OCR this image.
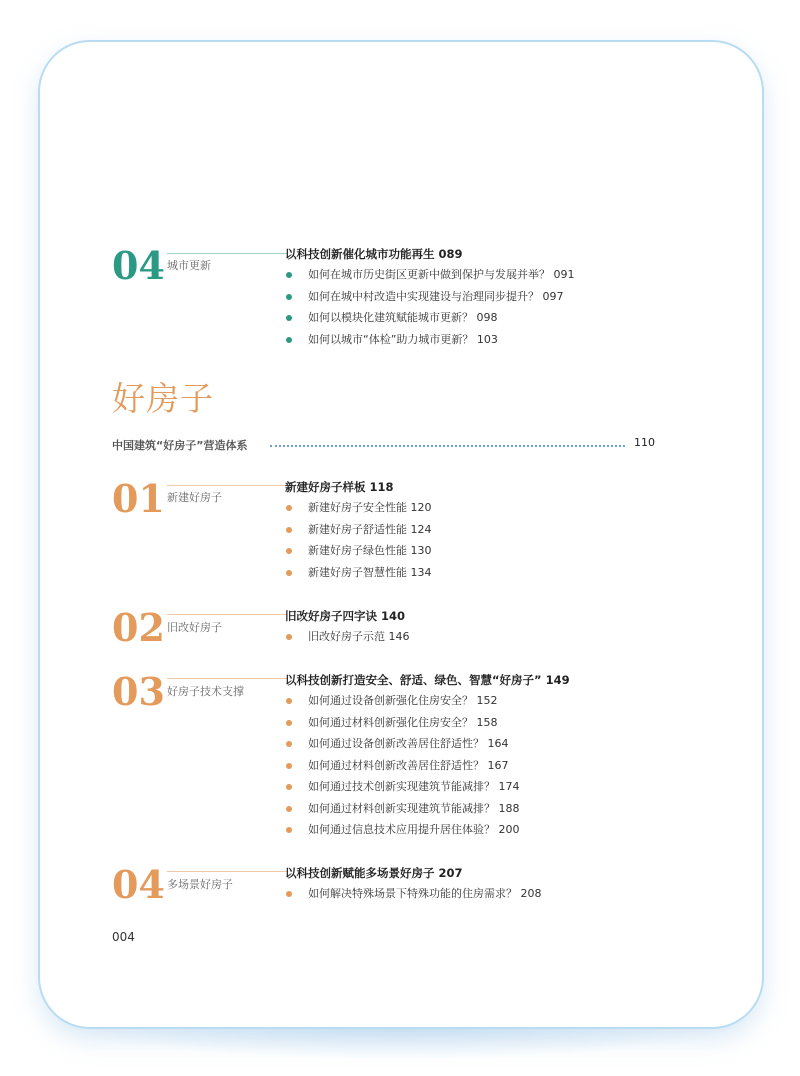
04 城市更新
以科技创新催化城市功能再生 089
如何在城市历史街区更新中做到保护与发展并举？ 091
如何在城中村改造中实现建设与治理同步提升？ 097
如何以模块化建筑赋能城市更新？ 098
如何以城市“体检”助力城市更新？ 103
好房子
中国建筑“好房子”营造体系	110
01 新建好房子
新建好房子样板 118
新建好房子安全性能 120
新建好房子舒适性能 124
新建好房子绿色性能 130
新建好房子智慧性能 134
02 旧改好房子
旧改好房子四字诀 140
旧改好房子示范 146
03 好房子技术支撑
以科技创新打造安全、舒适、绿色、智慧“好房子” 149
如何通过设备创新强化住房安全？ 152
如何通过材料创新强化住房安全？ 158
如何通过设备创新改善居住舒适性？ 164
如何通过材料创新改善居住舒适性？ 167
如何通过技术创新实现建筑节能减排？ 174
如何通过材料创新实现建筑节能减排？ 188
如何通过信息技术应用提升居住体验？ 200
04 多场景好房子
以科技创新赋能多场景好房子 207
如何解决特殊场景下特殊功能的住房需求？ 208
004
